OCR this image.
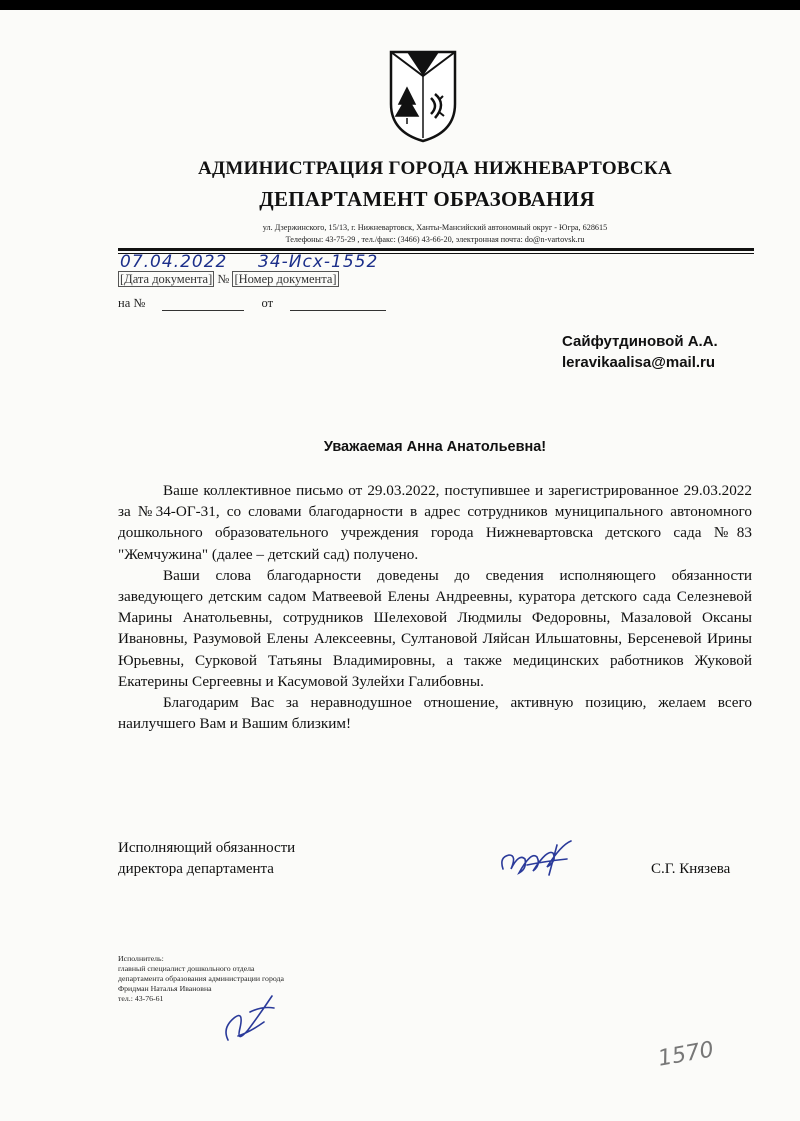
АДМИНИСТРАЦИЯ ГОРОДА НИЖНЕВАРТОВСКА
ДЕПАРТАМЕНТ ОБРАЗОВАНИЯ
ул. Дзержинского, 15/13, г. Нижневартовск, Ханты-Мансийский автономный округ - Югра, 628615
Телефоны: 43-75-29 , тел./факс: (3466) 43-66-20, электронная почта: do@n-vartovsk.ru
07.04.2022 34-Исх-1552
[Дата документа] № [Номер документа]
на №	от
Сайфутдиновой А.А.
leravikaalisa@mail.ru
Уважаемая Анна Анатольевна!

Ваше коллективное письмо от 29.03.2022, поступившее и зарегистрированное 29.03.2022 за №34-ОГ-31, со словами благодарности в адрес сотрудников муниципального автономного дошкольного образовательного учреждения города Нижневартовска детского сада №83 "Жемчужина" (далее – детский сад) получено.

Ваши слова благодарности доведены до сведения исполняющего обязанности заведующего детским садом Матвеевой Елены Андреевны, куратора детского сада Селезневой Марины Анатольевны, сотрудников Шелеховой Людмилы Федоровны, Мазаловой Оксаны Ивановны, Разумовой Елены Алексеевны, Султановой Ляйсан Ильшатовны, Берсеневой Ирины Юрьевны, Сурковой Татьяны Владимировны, а также медицинских работников Жуковой Екатерины Сергеевны и Касумовой Зулейхи Галибовны.

Благодарим Вас за неравнодушное отношение, активную позицию, желаем всего наилучшего Вам и Вашим близким!

Исполняющий обязанности
директора департамента	С.Г. Князева
Исполнитель:
главный специалист дошкольного отдела
департамента образования администрации города
Фридман Наталья Ивановна
тел.: 43-76-61
1570
